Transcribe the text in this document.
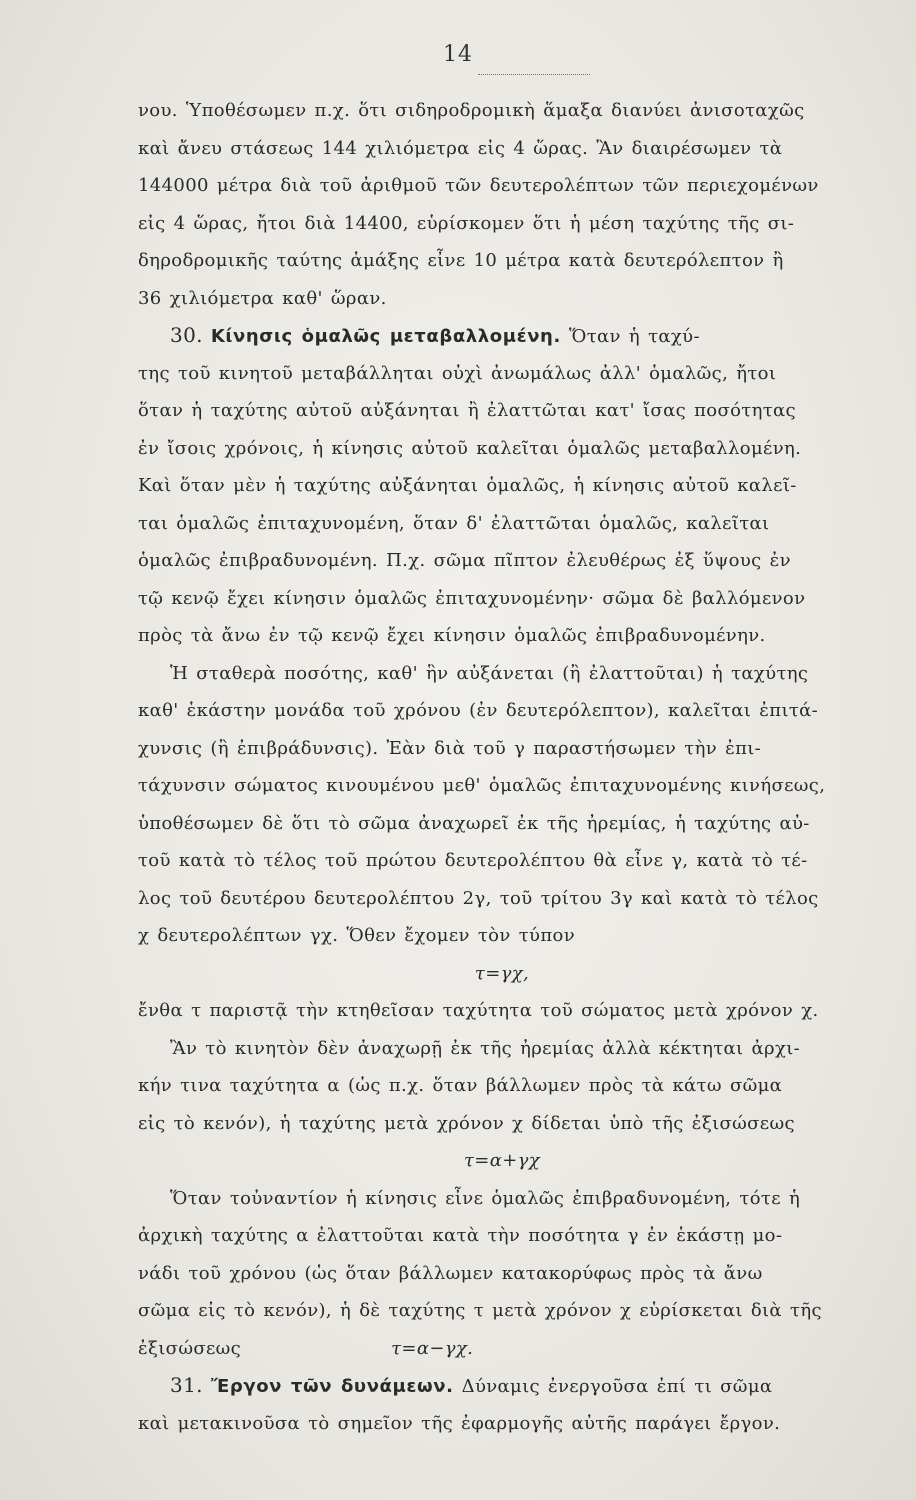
14
νου. Ὑποθέσωμεν π.χ. ὅτι σιδηροδρομικὴ ἅμαξα διανύει ἀνισοταχῶς
καὶ ἄνευ στάσεως 144 χιλιόμετρα εἰς 4 ὥρας. Ἂν διαιρέσωμεν τὰ
144000 μέτρα διὰ τοῦ ἀριθμοῦ τῶν δευτερολέπτων τῶν περιεχομένων
εἰς 4 ὥρας, ἤτοι διὰ 14400, εὑρίσκομεν ὅτι ἡ μέση ταχύτης τῆς σι-
δηροδρομικῆς ταύτης ἁμάξης εἶνε 10 μέτρα κατὰ δευτερόλεπτον ἢ
36 χιλιόμετρα καθ' ὥραν.
30. Κίνησις ὁμαλῶς μεταβαλλομένη. Ὅταν ἡ ταχύ-
της τοῦ κινητοῦ μεταβάλληται οὐχὶ ἀνωμάλως ἀλλ' ὁμαλῶς, ἤτοι
ὅταν ἡ ταχύτης αὐτοῦ αὐξάνηται ἢ ἐλαττῶται κατ' ἴσας ποσότητας
ἐν ἴσοις χρόνοις, ἡ κίνησις αὐτοῦ καλεῖται ὁμαλῶς μεταβαλλομένη.
Καὶ ὅταν μὲν ἡ ταχύτης αὐξάνηται ὁμαλῶς, ἡ κίνησις αὐτοῦ καλεῖ-
ται ὁμαλῶς ἐπιταχυνομένη, ὅταν δ' ἐλαττῶται ὁμαλῶς, καλεῖται
ὁμαλῶς ἐπιβραδυνομένη. Π.χ. σῶμα πῖπτον ἐλευθέρως ἐξ ὕψους ἐν
τῷ κενῷ ἔχει κίνησιν ὁμαλῶς ἐπιταχυνομένην· σῶμα δὲ βαλλόμενον
πρὸς τὰ ἄνω ἐν τῷ κενῷ ἔχει κίνησιν ὁμαλῶς ἐπιβραδυνομένην.
Ἡ σταθερὰ ποσότης, καθ' ἣν αὐξάνεται (ἢ ἐλαττοῦται) ἡ ταχύτης
καθ' ἑκάστην μονάδα τοῦ χρόνου (ἐν δευτερόλεπτον), καλεῖται ἐπιτά-
χυνσις (ἢ ἐπιβράδυνσις). Ἐὰν διὰ τοῦ γ παραστήσωμεν τὴν ἐπι-
τάχυνσιν σώματος κινουμένου μεθ' ὁμαλῶς ἐπιταχυνομένης κινήσεως,
ὑποθέσωμεν δὲ ὅτι τὸ σῶμα ἀναχωρεῖ ἐκ τῆς ἠρεμίας, ἡ ταχύτης αὐ-
τοῦ κατὰ τὸ τέλος τοῦ πρώτου δευτερολέπτου θὰ εἶνε γ, κατὰ τὸ τέ-
λος τοῦ δευτέρου δευτερολέπτου 2γ, τοῦ τρίτου 3γ καὶ κατὰ τὸ τέλος
χ δευτερολέπτων γχ. Ὅθεν ἔχομεν τὸν τύπον
τ=γχ,
ἔνθα τ παριστᾷ τὴν κτηθεῖσαν ταχύτητα τοῦ σώματος μετὰ χρόνον χ.
Ἂν τὸ κινητὸν δὲν ἀναχωρῇ ἐκ τῆς ἠρεμίας ἀλλὰ κέκτηται ἀρχι-
κήν τινα ταχύτητα α (ὡς π.χ. ὅταν βάλλωμεν πρὸς τὰ κάτω σῶμα
εἰς τὸ κενόν), ἡ ταχύτης μετὰ χρόνον χ δίδεται ὑπὸ τῆς ἐξισώσεως
τ=α+γχ
Ὅταν τοὐναντίον ἡ κίνησις εἶνε ὁμαλῶς ἐπιβραδυνομένη, τότε ἡ
ἀρχικὴ ταχύτης α ἐλαττοῦται κατὰ τὴν ποσότητα γ ἐν ἑκάστῃ μο-
νάδι τοῦ χρόνου (ὡς ὅταν βάλλωμεν κατακορύφως πρὸς τὰ ἄνω
σῶμα εἰς τὸ κενόν), ἡ δὲ ταχύτης τ μετὰ χρόνον χ εὑρίσκεται διὰ τῆς
ἐξισώσεως	τ=α−γχ.
31. Ἔργον τῶν δυνάμεων. Δύναμις ἐνεργοῦσα ἐπί τι σῶμα
καὶ μετακινοῦσα τὸ σημεῖον τῆς ἐφαρμογῆς αὐτῆς παράγει ἔργον.
